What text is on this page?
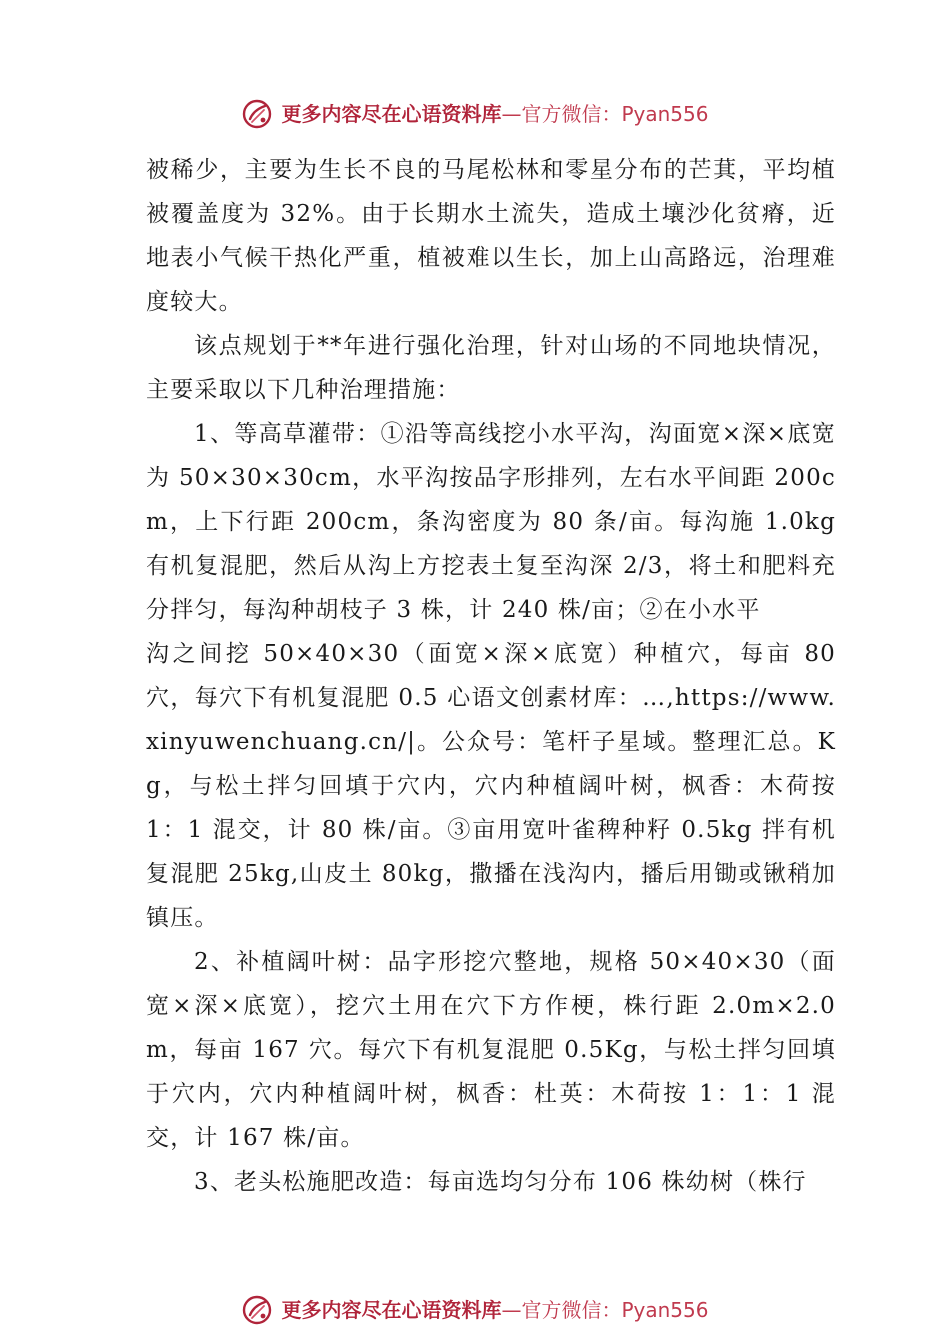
更多内容尽在心语资料库—官方微信：Pyan556

被稀少，主要为生长不良的马尾松林和零星分布的芒萁，平均植被覆盖度为 32%。由于长期水土流失，造成土壤沙化贫瘠，近地表小气候干热化严重，植被难以生长，加上山高路远，治理难度较大。

该点规划于**年进行强化治理，针对山场的不同地块情况，主要采取以下几种治理措施：

1、等高草灌带：①沿等高线挖小水平沟，沟面宽×深×底宽为 50×30×30cm，水平沟按品字形排列，左右水平间距 200cm，上下行距 200cm，条沟密度为 80 条/亩。每沟施 1.0kg 有机复混肥，然后从沟上方挖表土复至沟深 2/3，将土和肥料充分拌匀，每沟种胡枝子 3 株，计 240 株/亩；②在小水平

沟之间挖 50×40×30（面宽×深×底宽）种植穴，每亩 80 穴，每穴下有机复混肥 0.5 心语文创素材库：…,https://www.xinyuwenchuang.cn/|。公众号：笔杆子星域。整理汇总。Kg，与松土拌匀回填于穴内，穴内种植阔叶树，枫香：木荷按 1：1 混交，计 80 株/亩。③亩用宽叶雀稗种籽 0.5kg 拌有机复混肥 25kg,山皮土 80kg，撒播在浅沟内，播后用锄或锹稍加镇压。

2、补植阔叶树：品字形挖穴整地，规格 50×40×30（面宽×深×底宽），挖穴土用在穴下方作梗，株行距 2.0m×2.0m，每亩 167 穴。每穴下有机复混肥 0.5Kg，与松土拌匀回填于穴内，穴内种植阔叶树，枫香：杜英：木荷按 1：1：1 混交，计 167 株/亩。

3、老头松施肥改造：每亩选均匀分布 106 株幼树（株行

更多内容尽在心语资料库—官方微信：Pyan556
